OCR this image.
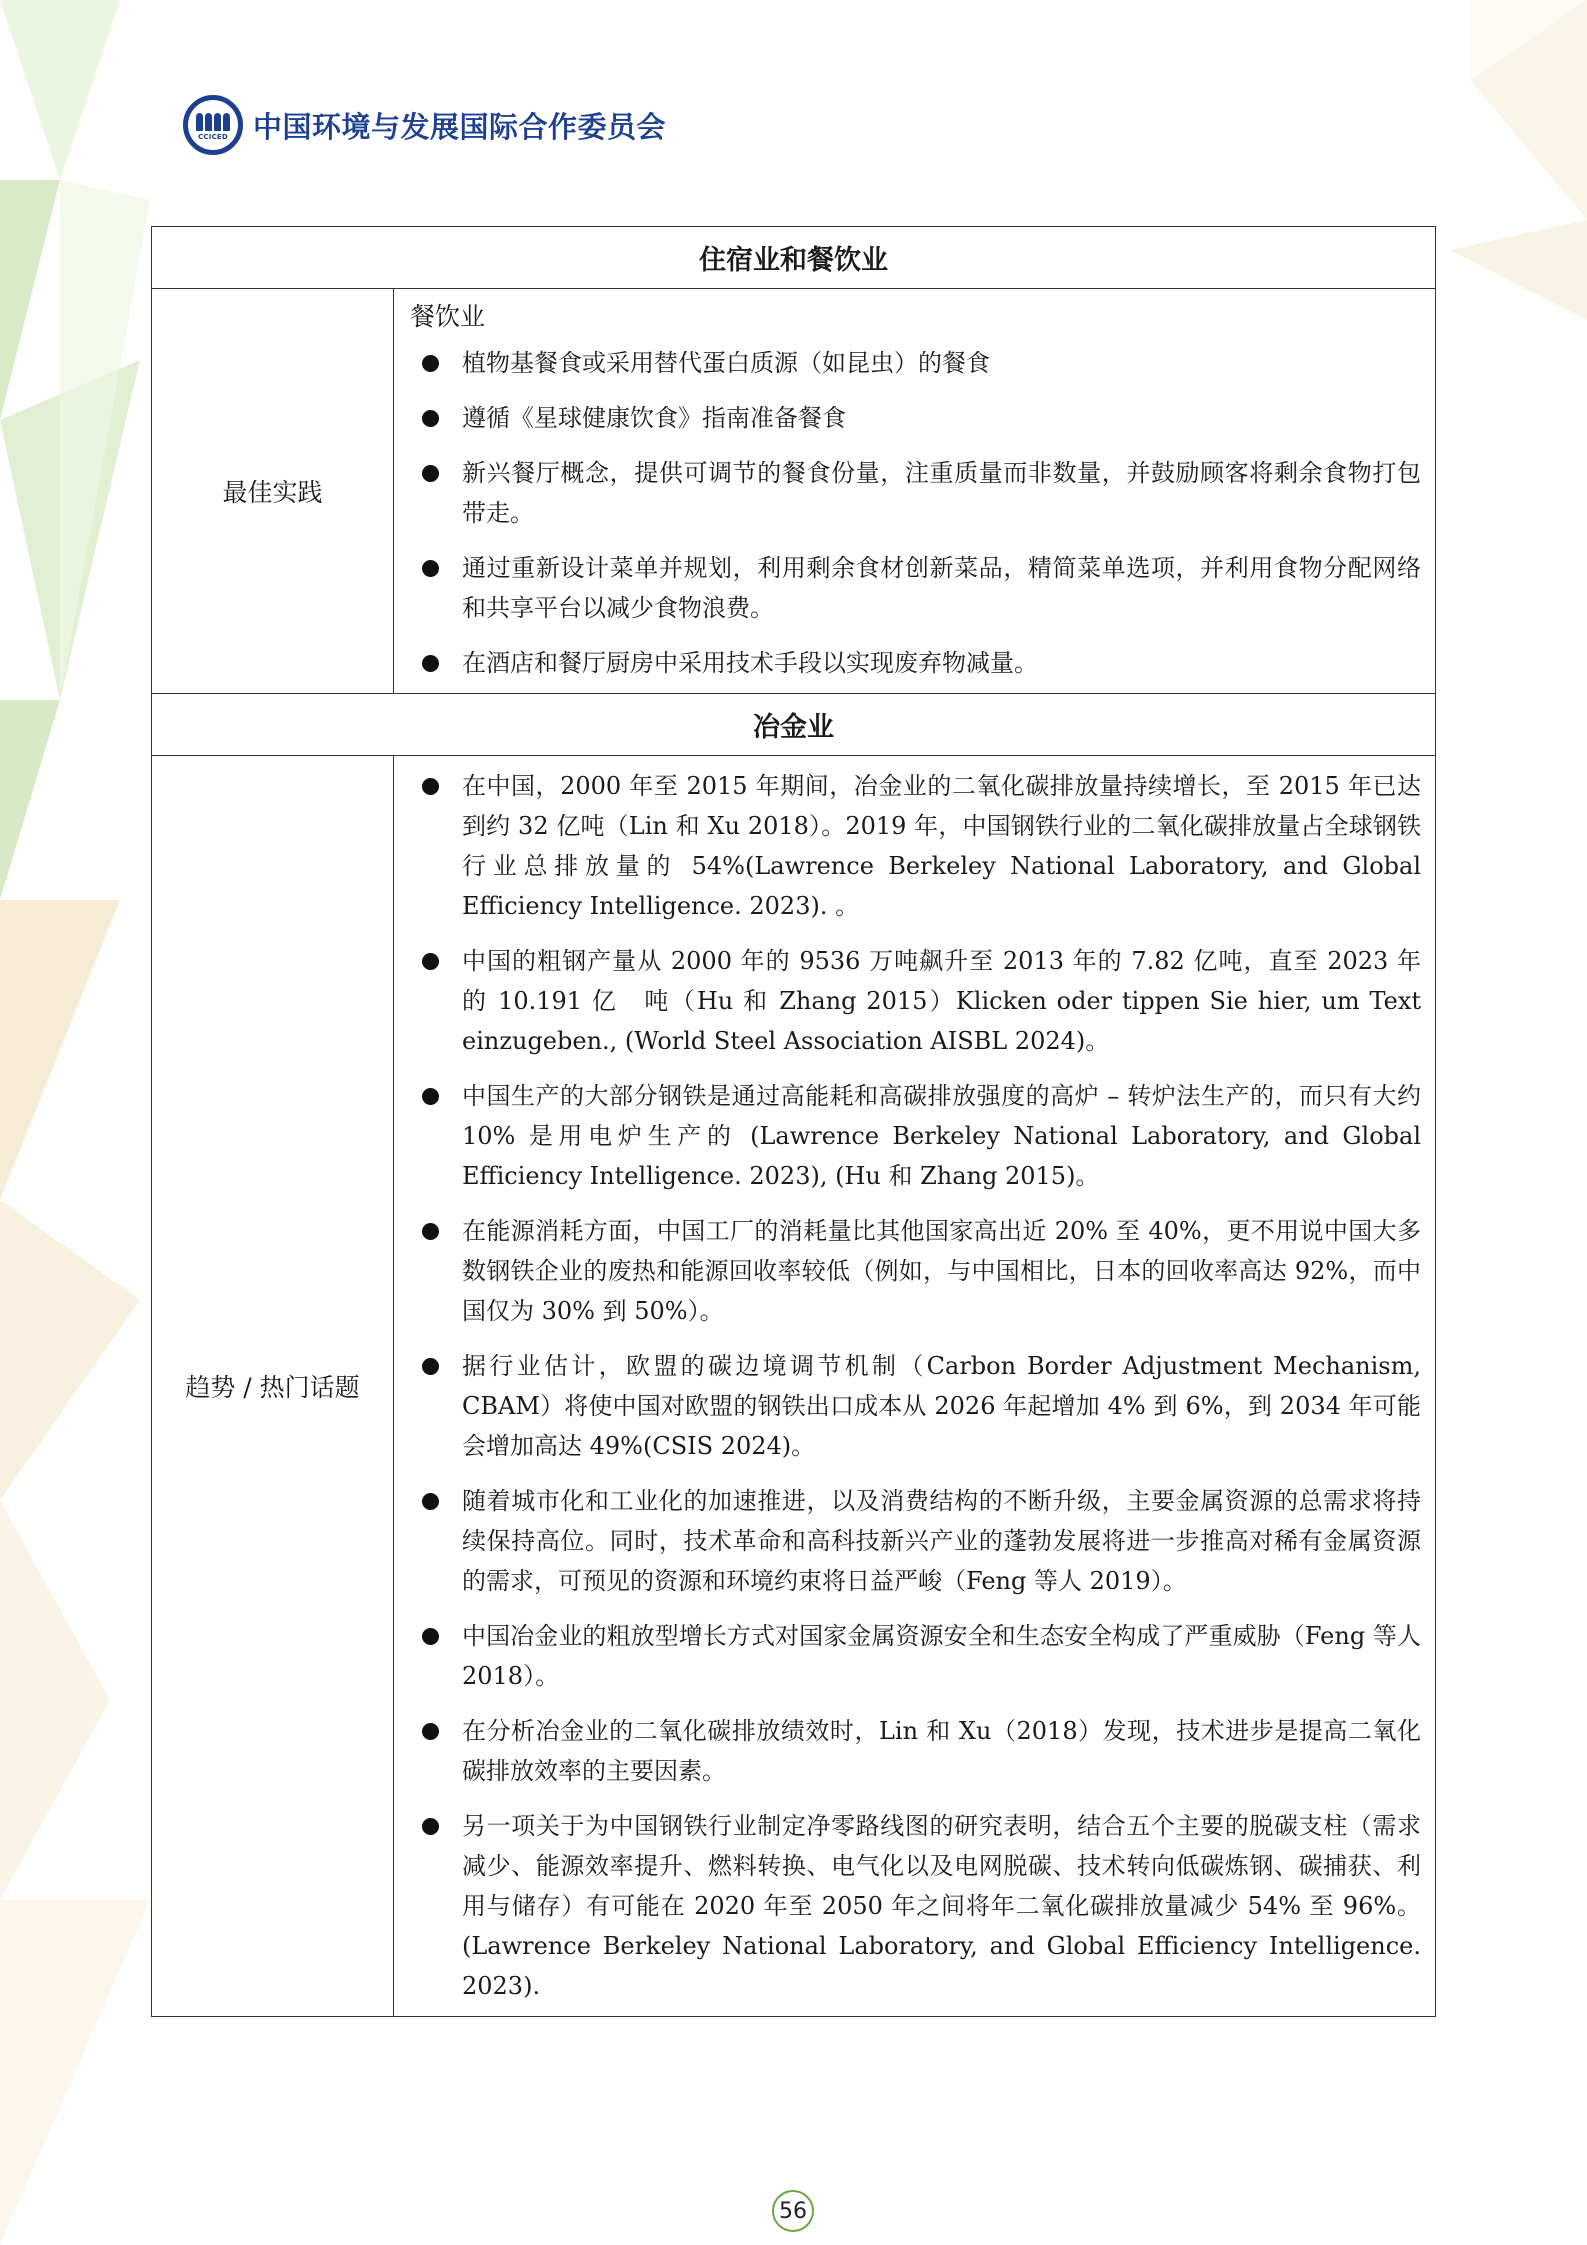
CCICED 中国环境与发展国际合作委员会
住宿业和餐饮业
最佳实践
餐饮业
植物基餐食或采用替代蛋白质源（如昆虫）的餐食
遵循《星球健康饮食》指南准备餐食
新兴餐厅概念，提供可调节的餐食份量，注重质量而非数量，并鼓励顾客将剩余食物打包带走。
通过重新设计菜单并规划，利用剩余食材创新菜品，精简菜单选项，并利用食物分配网络和共享平台以减少食物浪费。
在酒店和餐厅厨房中采用技术手段以实现废弃物减量。
冶金业
趋势 / 热门话题
在中国，2000 年至 2015 年期间，冶金业的二氧化碳排放量持续增长，至 2015 年已达到约 32 亿吨（Lin 和 Xu 2018）。2019 年，中国钢铁行业的二氧化碳排放量占全球钢铁行业总排放量的 54%(Lawrence Berkeley National Laboratory, and Global Efficiency Intelligence. 2023). 。
中国的粗钢产量从 2000 年的 9536 万吨飙升至 2013 年的 7.82 亿吨，直至 2023 年　的 10.191 亿　吨（Hu 和 Zhang 2015）Klicken oder tippen Sie hier, um Text einzugeben., (World Steel Association AISBL 2024)。
中国生产的大部分钢铁是通过高能耗和高碳排放强度的高炉 – 转炉法生产的，而只有大约 10% 是用电炉生产的 (Lawrence Berkeley National Laboratory, and Global Efficiency Intelligence. 2023), (Hu 和 Zhang 2015)。
在能源消耗方面，中国工厂的消耗量比其他国家高出近 20% 至 40%，更不用说中国大多数钢铁企业的废热和能源回收率较低（例如，与中国相比，日本的回收率高达 92%，而中国仅为 30% 到 50%）。
据行业估计，欧盟的碳边境调节机制（Carbon Border Adjustment Mechanism, CBAM）将使中国对欧盟的钢铁出口成本从 2026 年起增加 4% 到 6%，到 2034 年可能会增加高达 49%(CSIS 2024)。
随着城市化和工业化的加速推进，以及消费结构的不断升级，主要金属资源的总需求将持续保持高位。同时，技术革命和高科技新兴产业的蓬勃发展将进一步推高对稀有金属资源的需求，可预见的资源和环境约束将日益严峻（Feng 等人 2019）。
中国冶金业的粗放型增长方式对国家金属资源安全和生态安全构成了严重威胁（Feng 等人 2018）。
在分析冶金业的二氧化碳排放绩效时，Lin 和 Xu（2018）发现，技术进步是提高二氧化碳排放效率的主要因素。
另一项关于为中国钢铁行业制定净零路线图的研究表明，结合五个主要的脱碳支柱（需求减少、能源效率提升、燃料转换、电气化以及电网脱碳、技术转向低碳炼钢、碳捕获、利用与储存）有可能在 2020 年至 2050 年之间将年二氧化碳排放量减少 54% 至 96%。(Lawrence Berkeley National Laboratory, and Global Efficiency Intelligence. 2023).
56
